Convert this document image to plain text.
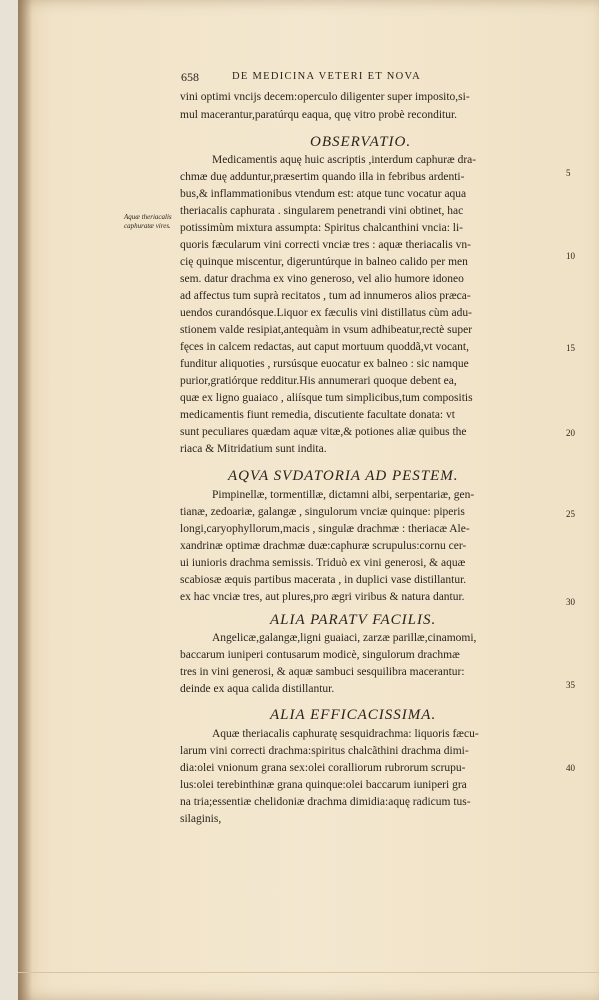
658	DE MEDICINA VETERI ET NOVA
Aquæ theriacalis
caphuratæ vires.
OBSERVATIO.
AQVA SVDATORIA AD PESTEM.
ALIA PARATV FACILIS.
ALIA EFFICACISSIMA.
5
10
15
20
25
30
35
40
vini optimi vncijs decem:operculo diligenter super imposito,si-
mul macerantur,paratúrqu eaqua, quę vitro probè reconditur.
Medicamentis aquę huic ascriptis ,interdum caphuræ dra-
chmæ duę adduntur,præsertim quando illa in febribus ardenti-
bus,& inflammationibus vtendum est: atque tunc vocatur aqua
theriacalis caphurata . singularem penetrandi vini obtinet, hac
potissimùm mixtura assumpta: Spiritus chalcanthini vncia: li-
quoris fæcularum vini correcti vnciæ tres : aquæ theriacalis vn-
cię quinque miscentur, digeruntúrque in balneo calido per men
sem. datur drachma ex vino generoso, vel alio humore idoneo
ad affectus tum suprà recitatos , tum ad innumeros alios præca-
uendos curandósque.Liquor ex fæculis vini distillatus cùm adu-
stionem valde resipiat,antequàm in vsum adhibeatur,rectè super
fęces in calcem redactas, aut caput mortuum quoddã,vt vocant,
funditur aliquoties , rursúsque euocatur ex balneo : sic namque
purior,gratiórque redditur.His annumerari quoque debent ea,
quæ ex ligno guaiaco , aliísque tum simplicibus,tum compositis
medicamentis fiunt remedia, discutiente facultate donata: vt
sunt peculiares quædam aquæ vitæ,& potiones aliæ quibus the
riaca & Mitridatium sunt indita.
Pimpinellæ, tormentillæ, dictamni albi, serpentariæ, gen-
tianæ, zedoariæ, galangæ , singulorum vnciæ quinque: piperis
longi,caryophyllorum,macis , singulæ drachmæ : theriacæ Ale-
xandrinæ optimæ drachmæ duæ:caphuræ scrupulus:cornu cer-
ui iunioris drachma semissis. Triduò ex vini generosi, & aquæ
scabiosæ æquis partibus macerata , in duplici vase distillantur.
ex hac vnciæ tres, aut plures,pro ægri viribus & natura dantur.
Angelicæ,galangæ,ligni guaiaci, zarzæ parillæ,cinamomi,
baccarum iuniperi contusarum modicè, singulorum drachmæ
tres in vini generosi, & aquæ sambuci sesquilibra macerantur:
deinde ex aqua calida distillantur.
Aquæ theriacalis caphuratę sesquidrachma: liquoris fæcu-
larum vini correcti drachma:spiritus chalcãthini drachma dimi-
dia:olei vnionum grana sex:olei coralliorum rubrorum scrupu-
lus:olei terebinthinæ grana quinque:olei baccarum iuniperi gra
na tria;essentiæ chelidoniæ drachma dimidia:aquę radicum tus-
silaginis,
